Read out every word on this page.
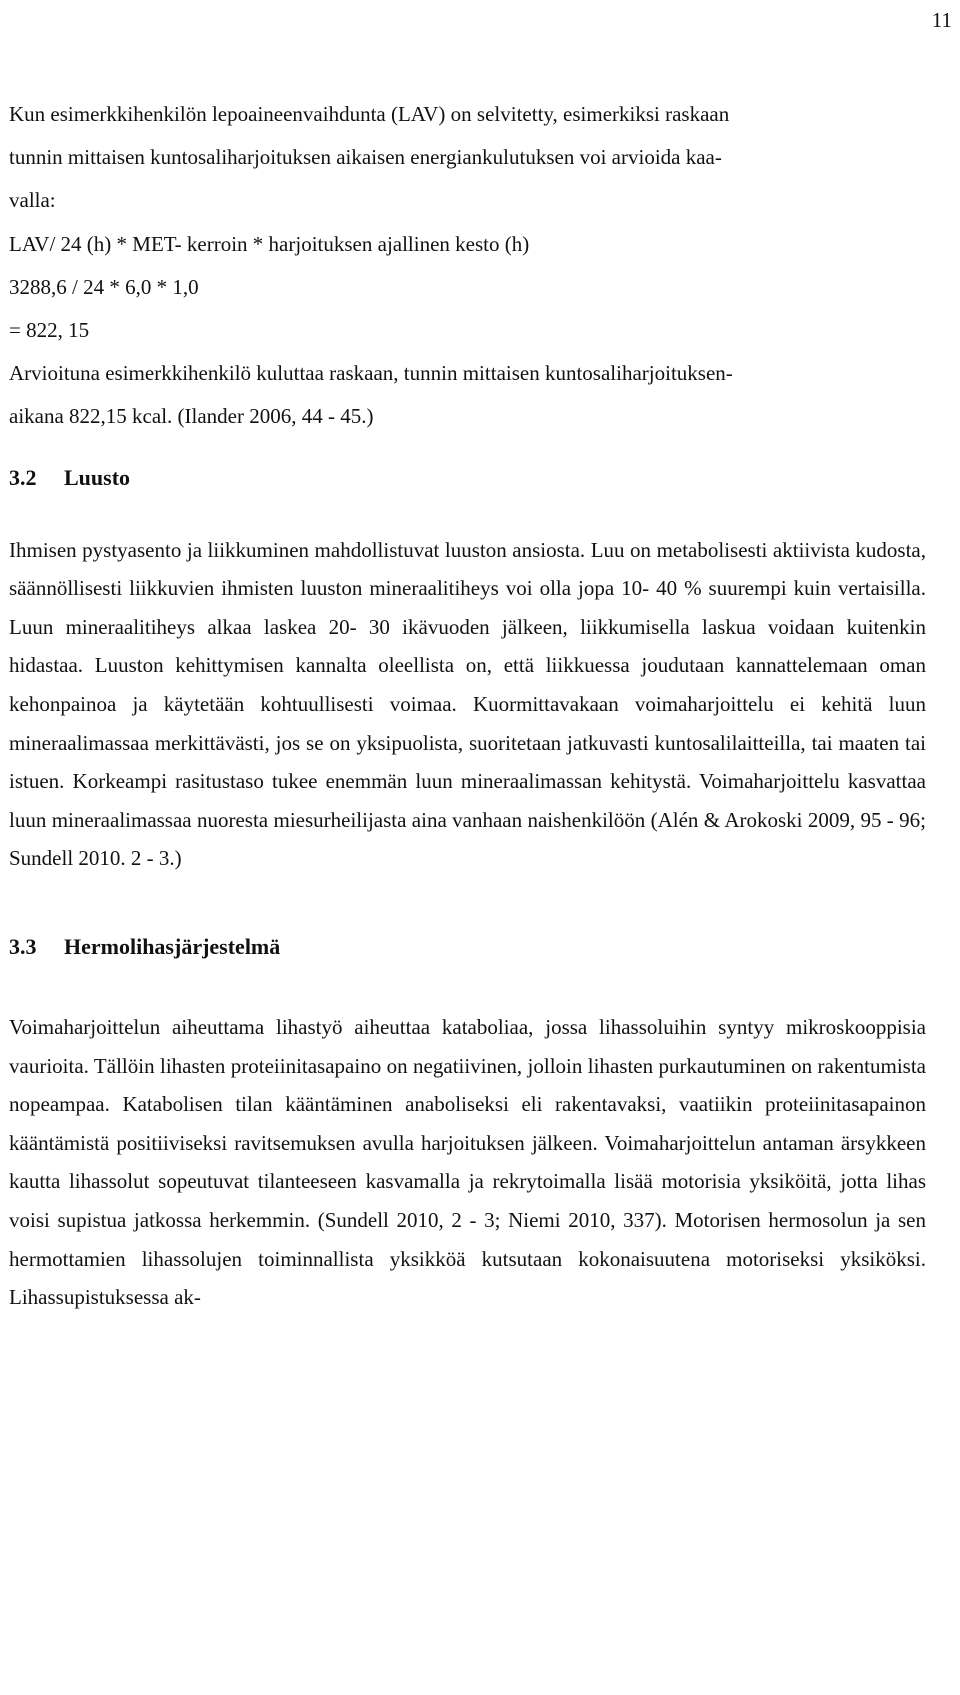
11
Kun esimerkkihenkilön lepoaineenvaihdunta (LAV) on selvitetty, esimerkiksi raskaan
tunnin mittaisen kuntosaliharjoituksen aikaisen energiankulutuksen voi arvioida kaa-
valla:
LAV/ 24 (h) * MET- kerroin * harjoituksen ajallinen kesto (h)
3288,6 / 24 * 6,0 * 1,0
= 822, 15
Arvioituna esimerkkihenkilö kuluttaa raskaan, tunnin mittaisen kuntosaliharjoituksen-
aikana 822,15 kcal. (Ilander 2006, 44 - 45.)
3.2 Luusto
Ihmisen pystyasento ja liikkuminen mahdollistuvat luuston ansiosta. Luu on metabolisesti aktiivista kudosta, säännöllisesti liikkuvien ihmisten luuston mineraalitiheys voi olla jopa 10- 40 % suurempi kuin vertaisilla. Luun mineraalitiheys alkaa laskea 20- 30 ikävuoden jälkeen, liikkumisella laskua voidaan kuitenkin hidastaa. Luuston kehittymisen kannalta oleellista on, että liikkuessa joudutaan kannattelemaan oman kehonpainoa ja käytetään kohtuullisesti voimaa. Kuormittavakaan voimaharjoittelu ei kehitä luun mineraalimassaa merkittävästi, jos se on yksipuolista, suoritetaan jatkuvasti kuntosalilaitteilla, tai maaten tai istuen. Korkeampi rasitustaso tukee enemmän luun mineraalimassan kehitystä. Voimaharjoittelu kasvattaa luun mineraalimassaa nuoresta miesurheilijasta aina vanhaan naishenkilöön (Alén & Arokoski 2009, 95 - 96; Sundell 2010. 2 - 3.)
3.3 Hermolihasjärjestelmä
Voimaharjoittelun aiheuttama lihastyö aiheuttaa kataboliaa, jossa lihassoluihin syntyy mikroskooppisia vaurioita. Tällöin lihasten proteiinitasapaino on negatiivinen, jolloin lihasten purkautuminen on rakentumista nopeampaa. Katabolisen tilan kääntäminen anaboliseksi eli rakentavaksi, vaatiikin proteiinitasapainon kääntämistä positiiviseksi ravitsemuksen avulla harjoituksen jälkeen. Voimaharjoittelun antaman ärsykkeen kautta lihassolut sopeutuvat tilanteeseen kasvamalla ja rekrytoimalla lisää motorisia yksiköitä, jotta lihas voisi supistua jatkossa herkemmin. (Sundell 2010, 2 - 3; Niemi 2010, 337). Motorisen hermosolun ja sen hermottamien lihassolujen toiminnallista yksikköä kutsutaan kokonaisuutena motoriseksi yksiköksi. Lihassupistuksessa ak-
